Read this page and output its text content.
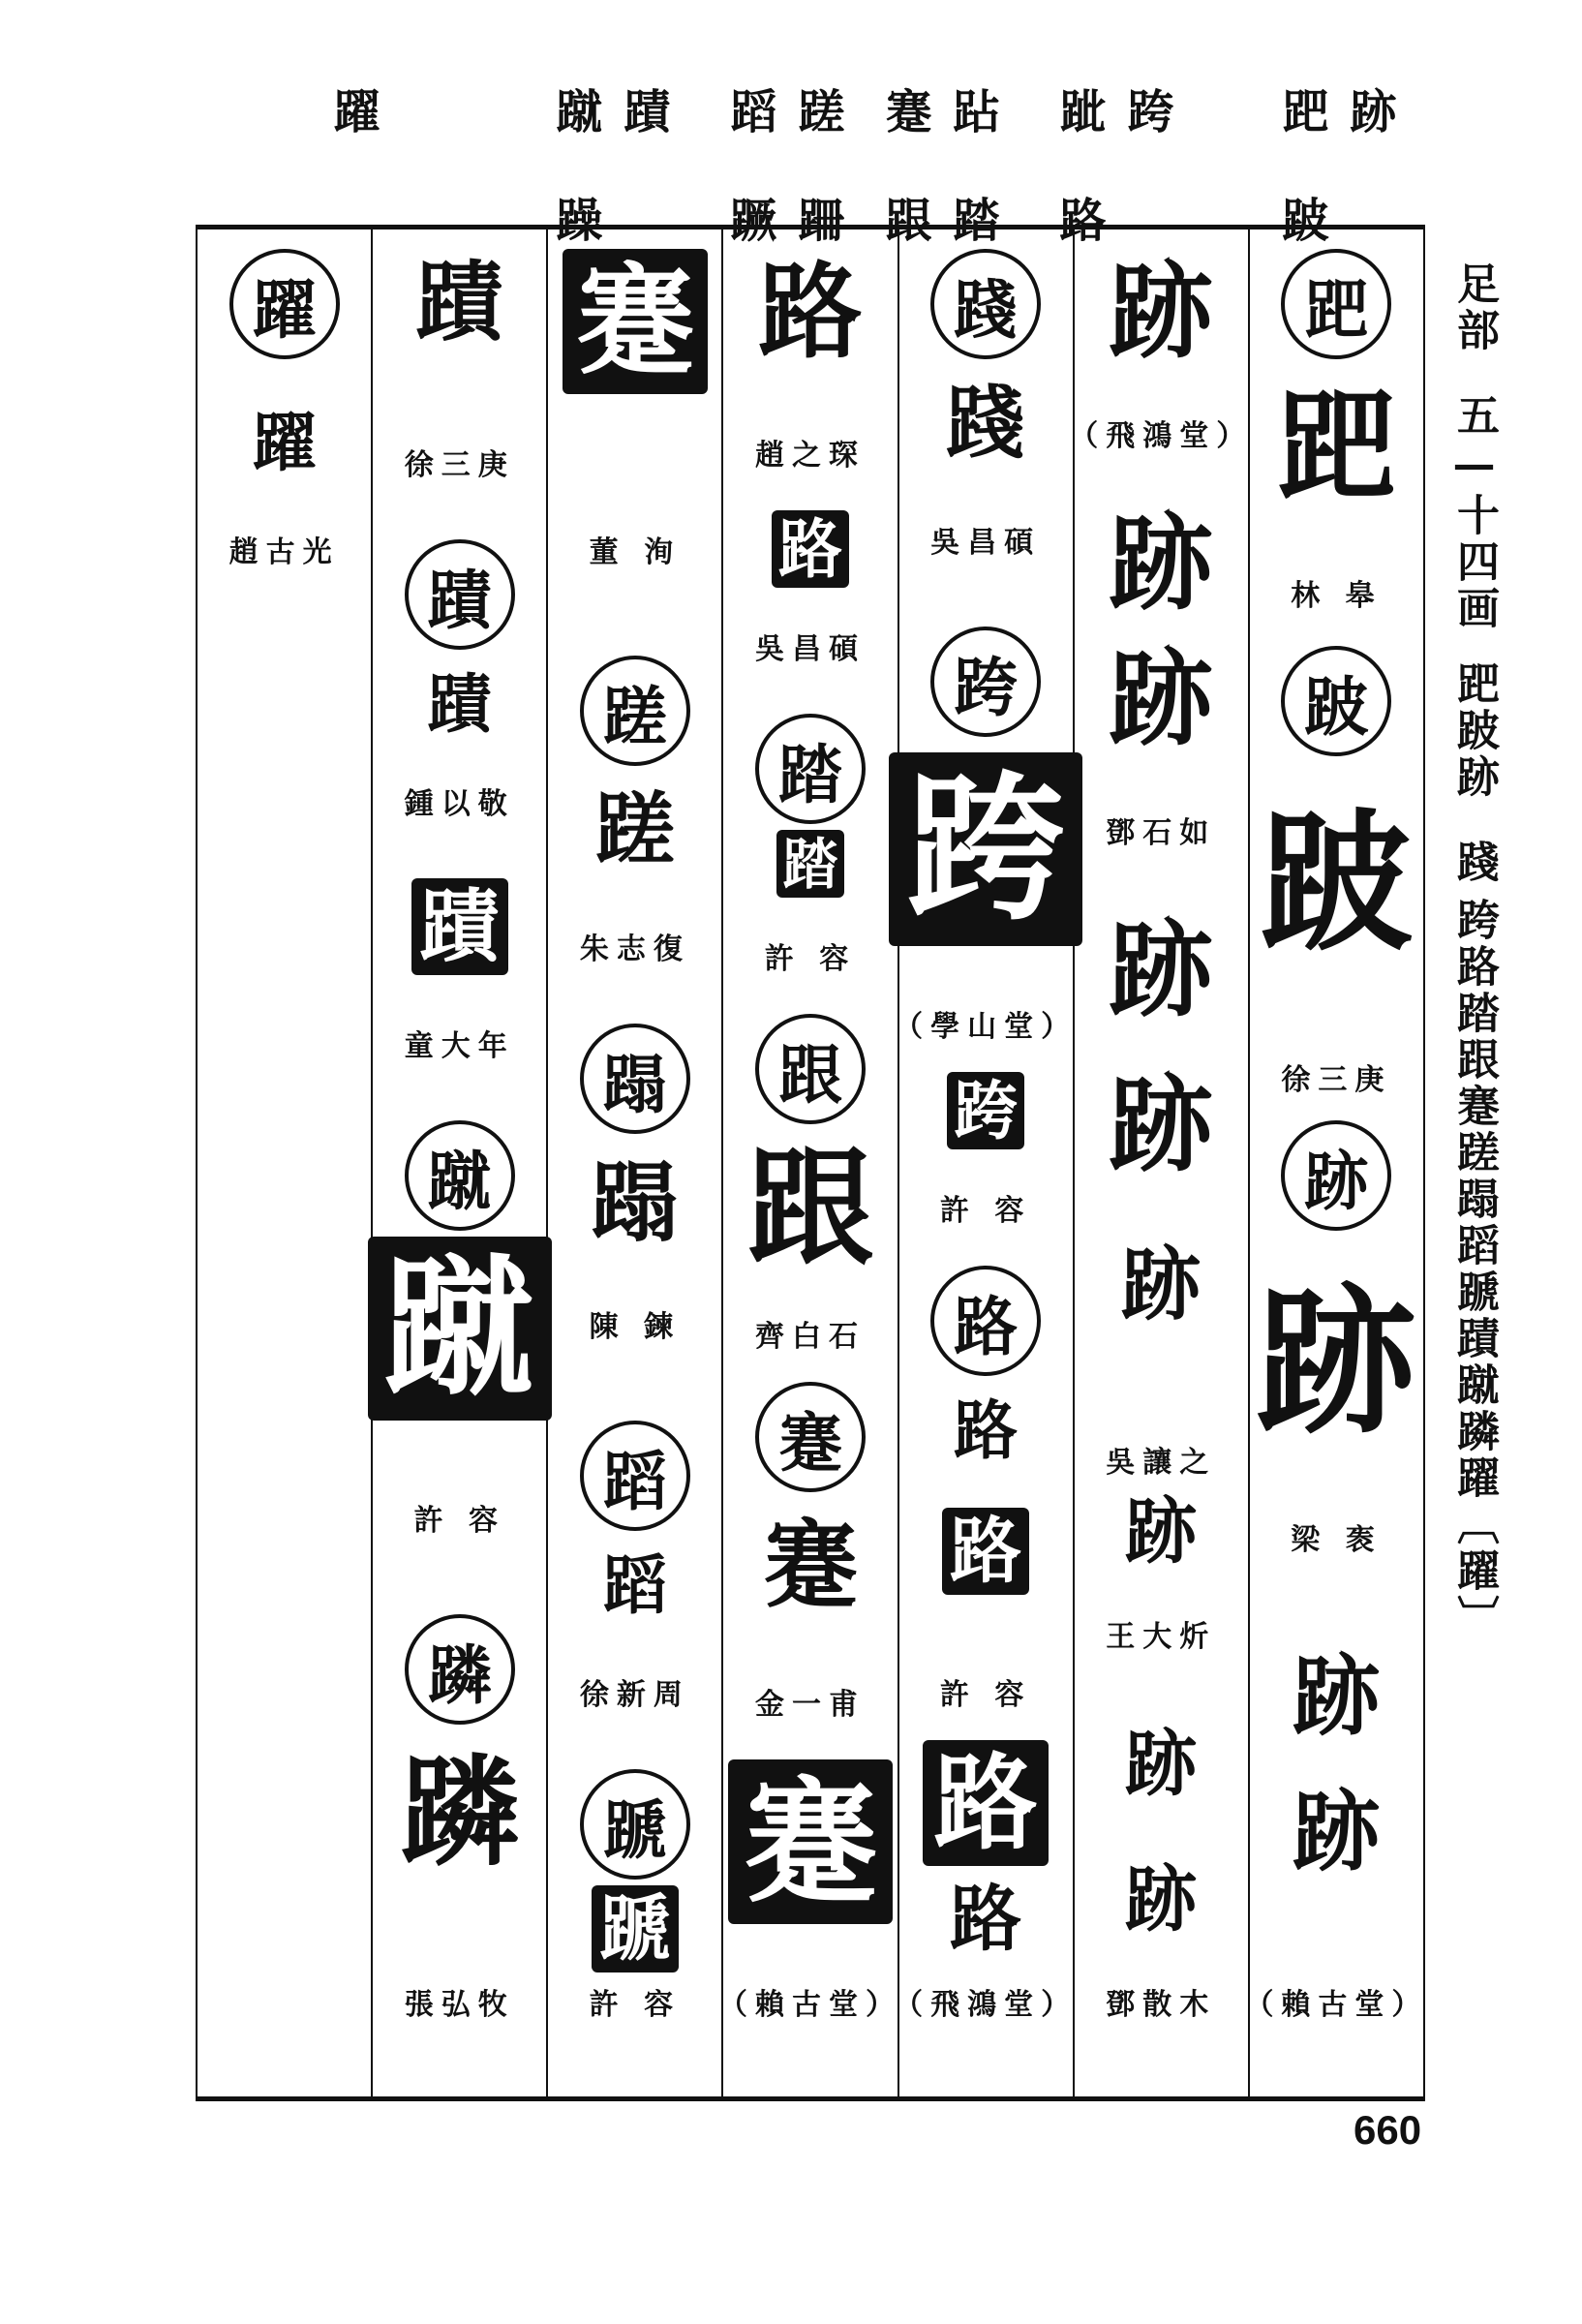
跡
跁 跛
跨
跐 路
跕 踏
蹇 跟
蹉 跚
蹈 蹶
蹟
蹴 躁
躍
跁
跁
林 皋
跛
跛
徐三庚
跡
跡
梁 袠
跡
跡
（賴古堂）
跡
（飛鴻堂）
跡
跡
鄧石如
跡
跡
跡
吳讓之
跡
王大炘
跡
跡
鄧散木
踐
踐
吳昌碩
跨
跨
（學山堂）
跨
許 容
路
路
路
許 容
路
路
（飛鴻堂）
路
趙之琛
路
吳昌碩
踏
踏
許 容
跟
跟
齊白石
蹇
蹇
金一甫
蹇
（賴古堂）
蹇
董 洵
蹉
蹉
朱志復
蹋
蹋
陳 鍊
蹈
蹈
徐新周
蹏
蹏
許 容
蹟
徐三庚
蹟
蹟
鍾以敬
蹟
童大年
蹴
蹴
許 容
蹸
蹸
張弘牧
躍
躍
趙古光
足部
五—十四画
跁跛跡
踐
跨路踏跟蹇蹉蹋蹈蹏蹟蹴蹸躍
〔躍〕
660
